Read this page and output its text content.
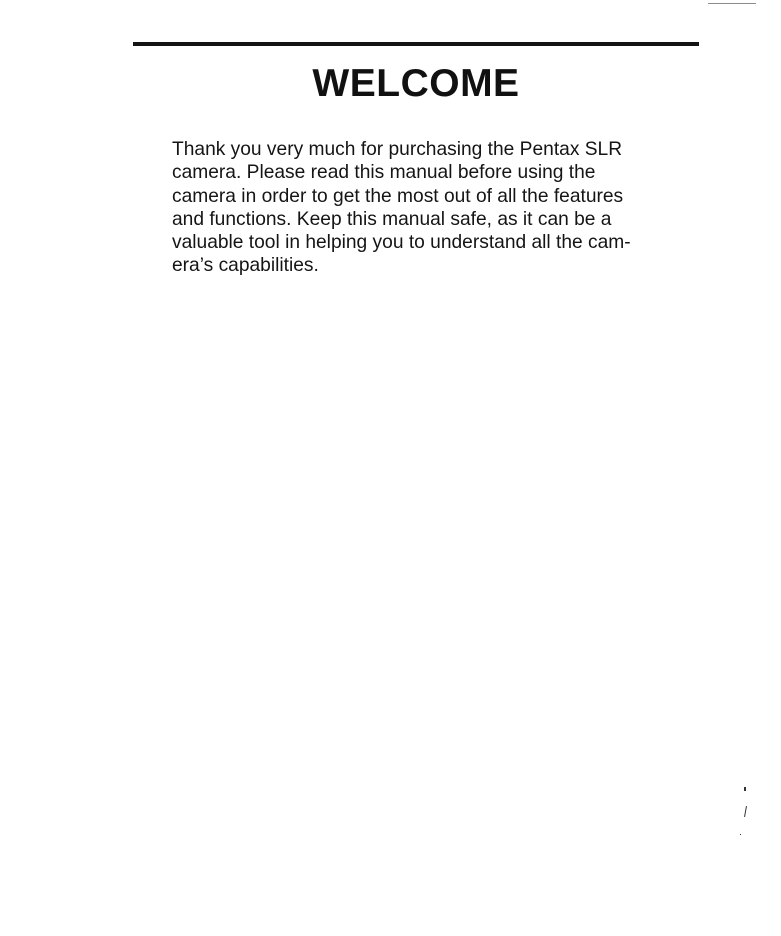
WELCOME

Thank you very much for purchasing the Pentax SLR
camera. Please read this manual before using the
camera in order to get the most out of all the features
and functions. Keep this manual safe, as it can be a
valuable tool in helping you to understand all the cam-
era’s capabilities.
